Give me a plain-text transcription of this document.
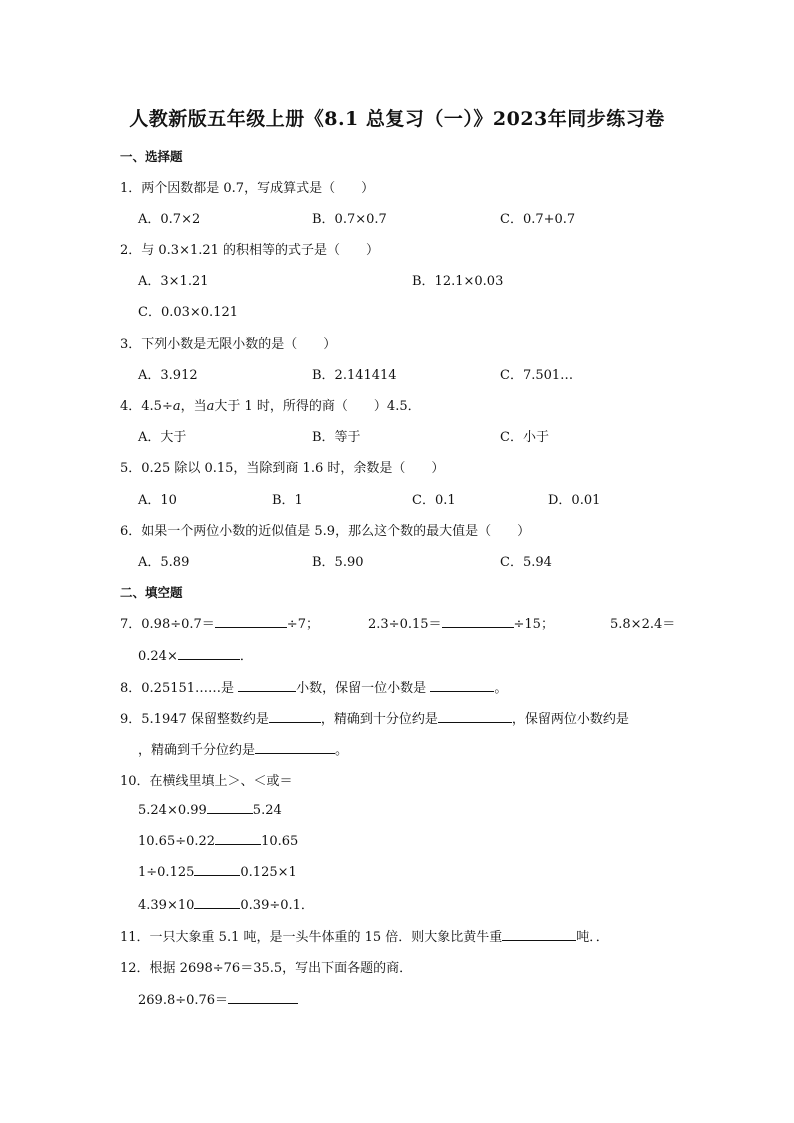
人教新版五年级上册《8.1 总复习（一）》2023年同步练习卷
一、选择题
1．两个因数都是 0.7，写成算式是（　　）
A．0.7×2	B．0.7×0.7	C．0.7+0.7
2．与 0.3×1.21 的积相等的式子是（　　）
A．3×1.21	B．12.1×0.03
C．0.03×0.121
3．下列小数是无限小数的是（　　）
A．3.912	B．2.141414	C．7.501…
4．4.5÷a，当a大于 1 时，所得的商（　　）4.5．
A．大于	B．等于	C．小于
5．0.25 除以 0.15，当除到商 1.6 时，余数是（　　）
A．10	B．1	C．0.1	D．0.01
6．如果一个两位小数的近似值是 5.9，那么这个数的最大值是（　　）
A．5.89	B．5.90	C．5.94
二、填空题
7．0.98÷0.7＝	÷7；	2.3÷0.15＝	÷15；	5.8×2.4＝
0.24×	．
8．0.25151……是	小数，保留一位小数是	。
9．5.1947 保留整数约是	，精确到十分位约是	，保留两位小数约是
，精确到千分位约是	。
10．在横线里填上＞、＜或＝
5.24×0.99	5.24
10.65÷0.22	10.65
1÷0.125	0.125×1
4.39×10	0.39÷0.1．
11．一只大象重 5.1 吨，是一头牛体重的 15 倍．则大象比黄牛重	吨．．
12．根据 2698÷76＝35.5，写出下面各题的商．
269.8÷0.76＝
